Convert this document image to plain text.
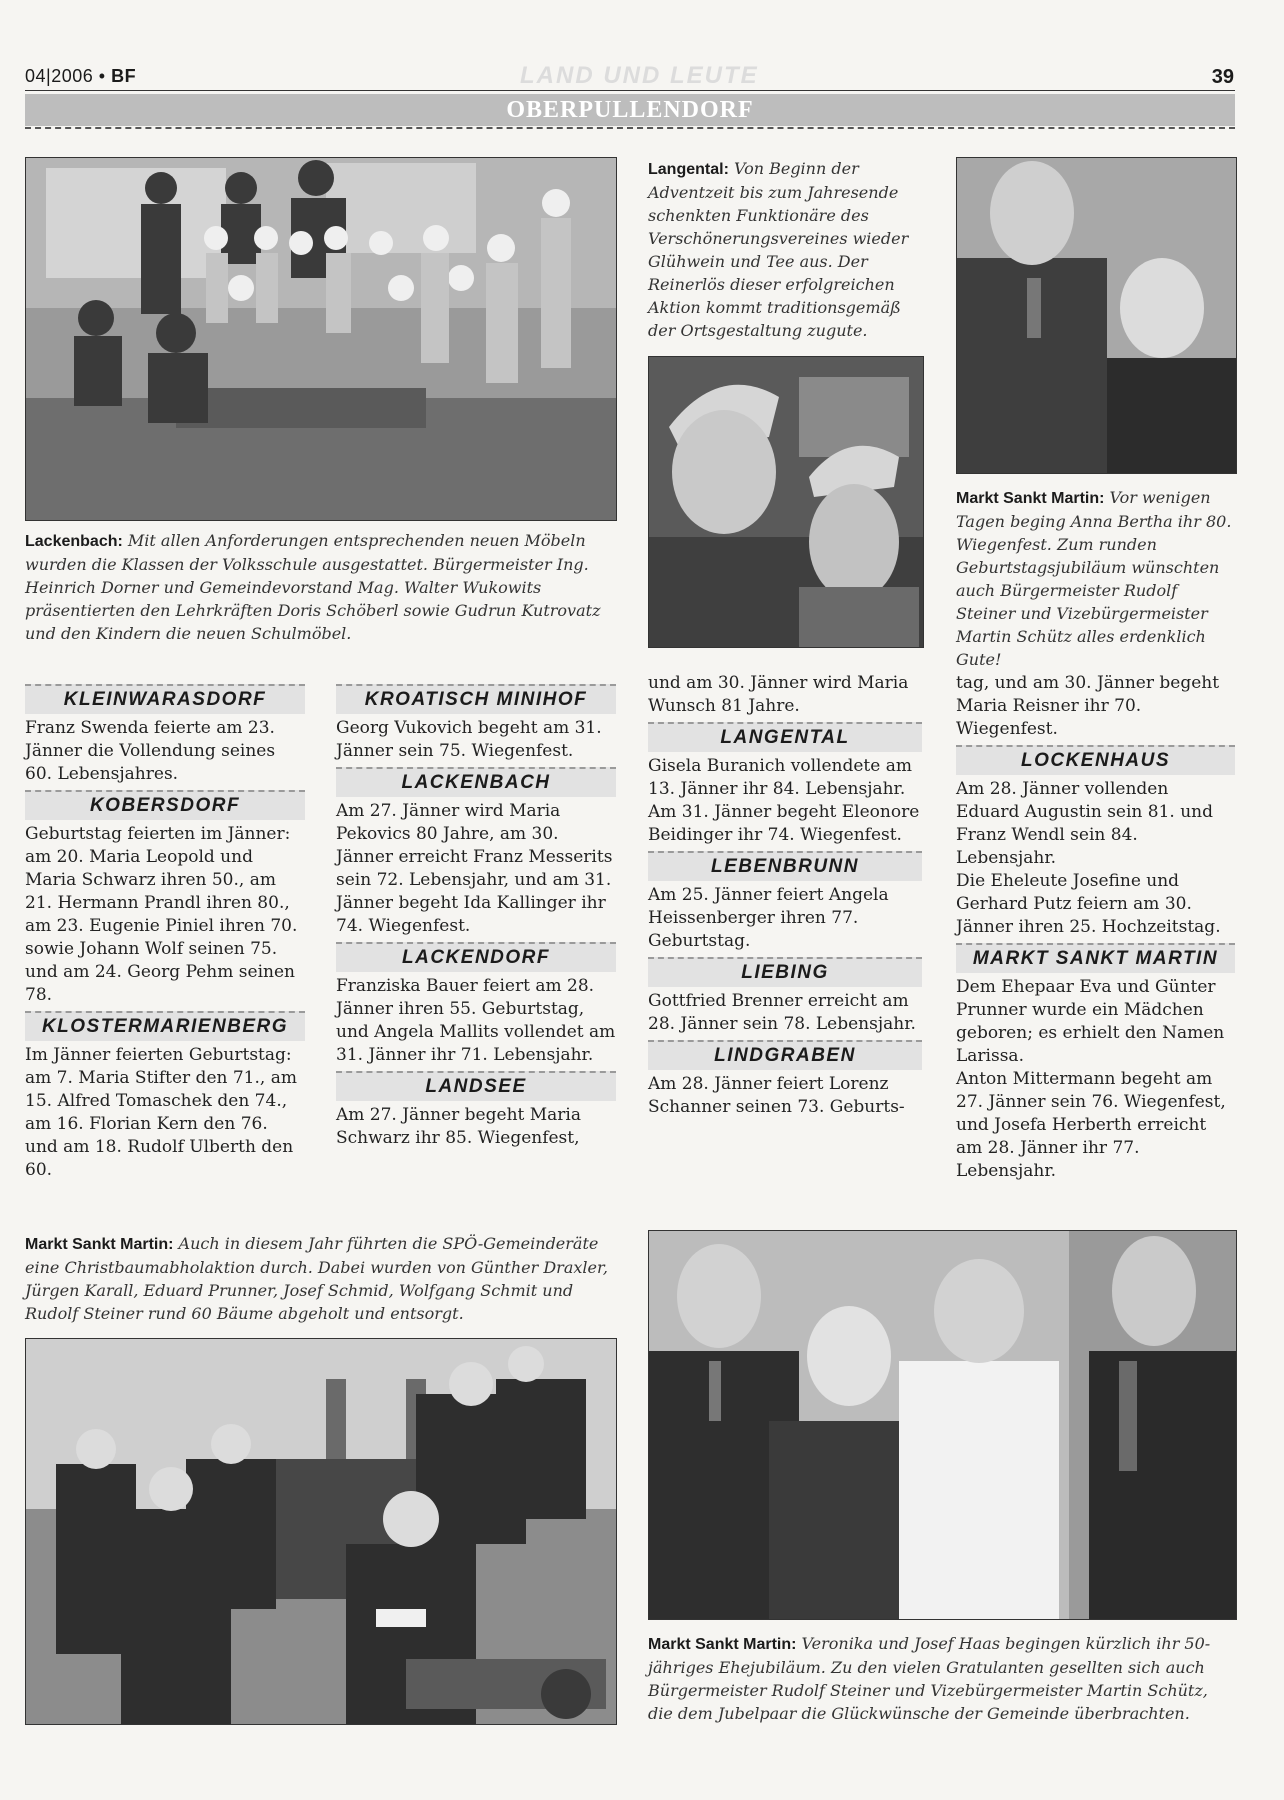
04|2006 • BF	LAND UND LEUTE	39
OBERPULLENDORF
Lackenbach: Mit allen Anforderungen entsprechenden neuen Möbeln wurden die Klassen der Volksschule ausgestattet. Bürgermeister Ing. Heinrich Dorner und Gemeindevorstand Mag. Walter Wukowits präsentierten den Lehrkräften Doris Schöberl sowie Gudrun Kutrovatz und den Kindern die neuen Schulmöbel.
Langental: Von Beginn der Adventzeit bis zum Jahresende schenkten Funktionäre des Verschönerungsvereines wieder Glühwein und Tee aus. Der Reinerlös dieser erfolgreichen Aktion kommt traditionsgemäß der Ortsgestaltung zugute.
Markt Sankt Martin: Vor wenigen Tagen beging Anna Bertha ihr 80. Wiegenfest. Zum runden Geburtstagsjubiläum wünschten auch Bürgermeister Rudolf Steiner und Vizebürgermeister Martin Schütz alles erdenklich Gute!
KLEINWARASDORF

Franz Swenda feierte am 23. Jänner die Vollendung seines 60. Lebensjahres.

KOBERSDORF

Geburtstag feierten im Jänner: am 20. Maria Leopold und Maria Schwarz ihren 50., am 21. Hermann Prandl ihren 80., am 23. Eugenie Piniel ihren 70. sowie Johann Wolf seinen 75. und am 24. Georg Pehm seinen 78.

KLOSTERMARIENBERG

Im Jänner feierten Geburtstag: am 7. Maria Stifter den 71., am 15. Alfred Tomaschek den 74., am 16. Florian Kern den 76. und am 18. Rudolf Ulberth den 60.

KROATISCH MINIHOF

Georg Vukovich begeht am 31. Jänner sein 75. Wiegenfest.

LACKENBACH

Am 27. Jänner wird Maria Pekovics 80 Jahre, am 30. Jänner erreicht Franz Messerits sein 72. Lebensjahr, und am 31. Jänner begeht Ida Kallinger ihr 74. Wiegenfest.

LACKENDORF

Franziska Bauer feiert am 28. Jänner ihren 55. Geburtstag, und Angela Mallits vollendet am 31. Jänner ihr 71. Lebensjahr.

LANDSEE

Am 27. Jänner begeht Maria Schwarz ihr 85. Wiegenfest,

und am 30. Jänner wird Maria Wunsch 81 Jahre.

LANGENTAL

Gisela Buranich vollendete am 13. Jänner ihr 84. Lebensjahr. Am 31. Jänner begeht Eleonore Beidinger ihr 74. Wiegenfest.

LEBENBRUNN

Am 25. Jänner feiert Angela Heissenberger ihren 77. Geburtstag.

LIEBING

Gottfried Brenner erreicht am 28. Jänner sein 78. Lebensjahr.

LINDGRABEN

Am 28. Jänner feiert Lorenz Schanner seinen 73. Geburts-

tag, und am 30. Jänner begeht Maria Reisner ihr 70. Wiegenfest.

LOCKENHAUS

Am 28. Jänner vollenden Eduard Augustin sein 81. und Franz Wendl sein 84. Lebensjahr.

Die Eheleute Josefine und Gerhard Putz feiern am 30. Jänner ihren 25. Hochzeitstag.

MARKT SANKT MARTIN

Dem Ehepaar Eva und Günter Prunner wurde ein Mädchen geboren; es erhielt den Namen Larissa.

Anton Mittermann begeht am 27. Jänner sein 76. Wiegenfest, und Josefa Herberth erreicht am 28. Jänner ihr 77. Lebensjahr.

Markt Sankt Martin: Auch in diesem Jahr führten die SPÖ-Gemeinderäte eine Christbaumabholaktion durch. Dabei wurden von Günther Draxler, Jürgen Karall, Eduard Prunner, Josef Schmid, Wolfgang Schmit und Rudolf Steiner rund 60 Bäume abgeholt und entsorgt.
Markt Sankt Martin: Veronika und Josef Haas begingen kürzlich ihr 50-jähriges Ehejubiläum. Zu den vielen Gratulanten gesellten sich auch Bürgermeister Rudolf Steiner und Vizebürgermeister Martin Schütz, die dem Jubelpaar die Glückwünsche der Gemeinde überbrachten.
